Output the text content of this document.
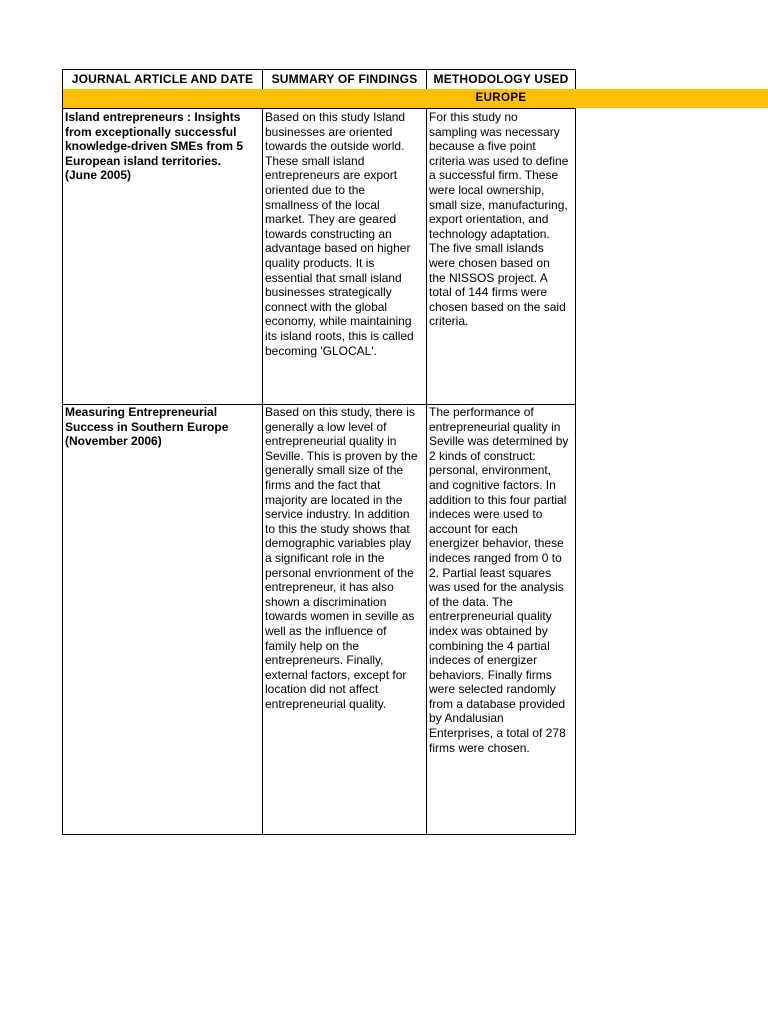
JOURNAL ARTICLE AND DATE	SUMMARY OF FINDINGS	METHODOLOGY USED
EUROPE
Island entrepreneurs : Insights
from exceptionally successful
knowledge-driven SMEs from 5
European island territories.
(June 2005)
Based on this study Island
businesses are oriented
towards the outside world.
These small island
entrepreneurs are export
oriented due to the
smallness of the local
market. They are geared
towards constructing an
advantage based on higher
quality products. It is
essential that small island
businesses strategically
connect with the global
economy, while maintaining
its island roots, this is called
becoming 'GLOCAL'.
For this study no
sampling was necessary
because a five point
criteria was used to define
a successful firm. These
were local ownership,
small size, manufacturing,
export orientation, and
technology adaptation.
The five small islands
were chosen based on
the NISSOS project. A
total of 144 firms were
chosen based on the said
criteria.
Measuring Entrepreneurial
Success in Southern Europe
(November 2006)
Based on this study, there is
generally a low level of
entrepreneurial quality in
Seville. This is proven by the
generally small size of the
firms and the fact that
majority are located in the
service industry. In addition
to this the study shows that
demographic variables play
a significant role in the
personal envrionment of the
entrepreneur, it has also
shown a discrimination
towards women in seville as
well as the influence of
family help on the
entrepreneurs. Finally,
external factors, except for
location did not affect
entrepreneurial quality.
The performance of
entrepreneurial quality in
Seville was determined by
2 kinds of construct:
personal, environment,
and cognitive factors. In
addition to this four partial
indeces were used to
account for each
energizer behavior, these
indeces ranged from 0 to
2. Partial least squares
was used for the analysis
of the data. The
entrerpreneurial quality
index was obtained by
combining the 4 partial
indeces of energizer
behaviors. Finally firms
were selected randomly
from a database provided
by Andalusian
Enterprises, a total of 278
firms were chosen.
